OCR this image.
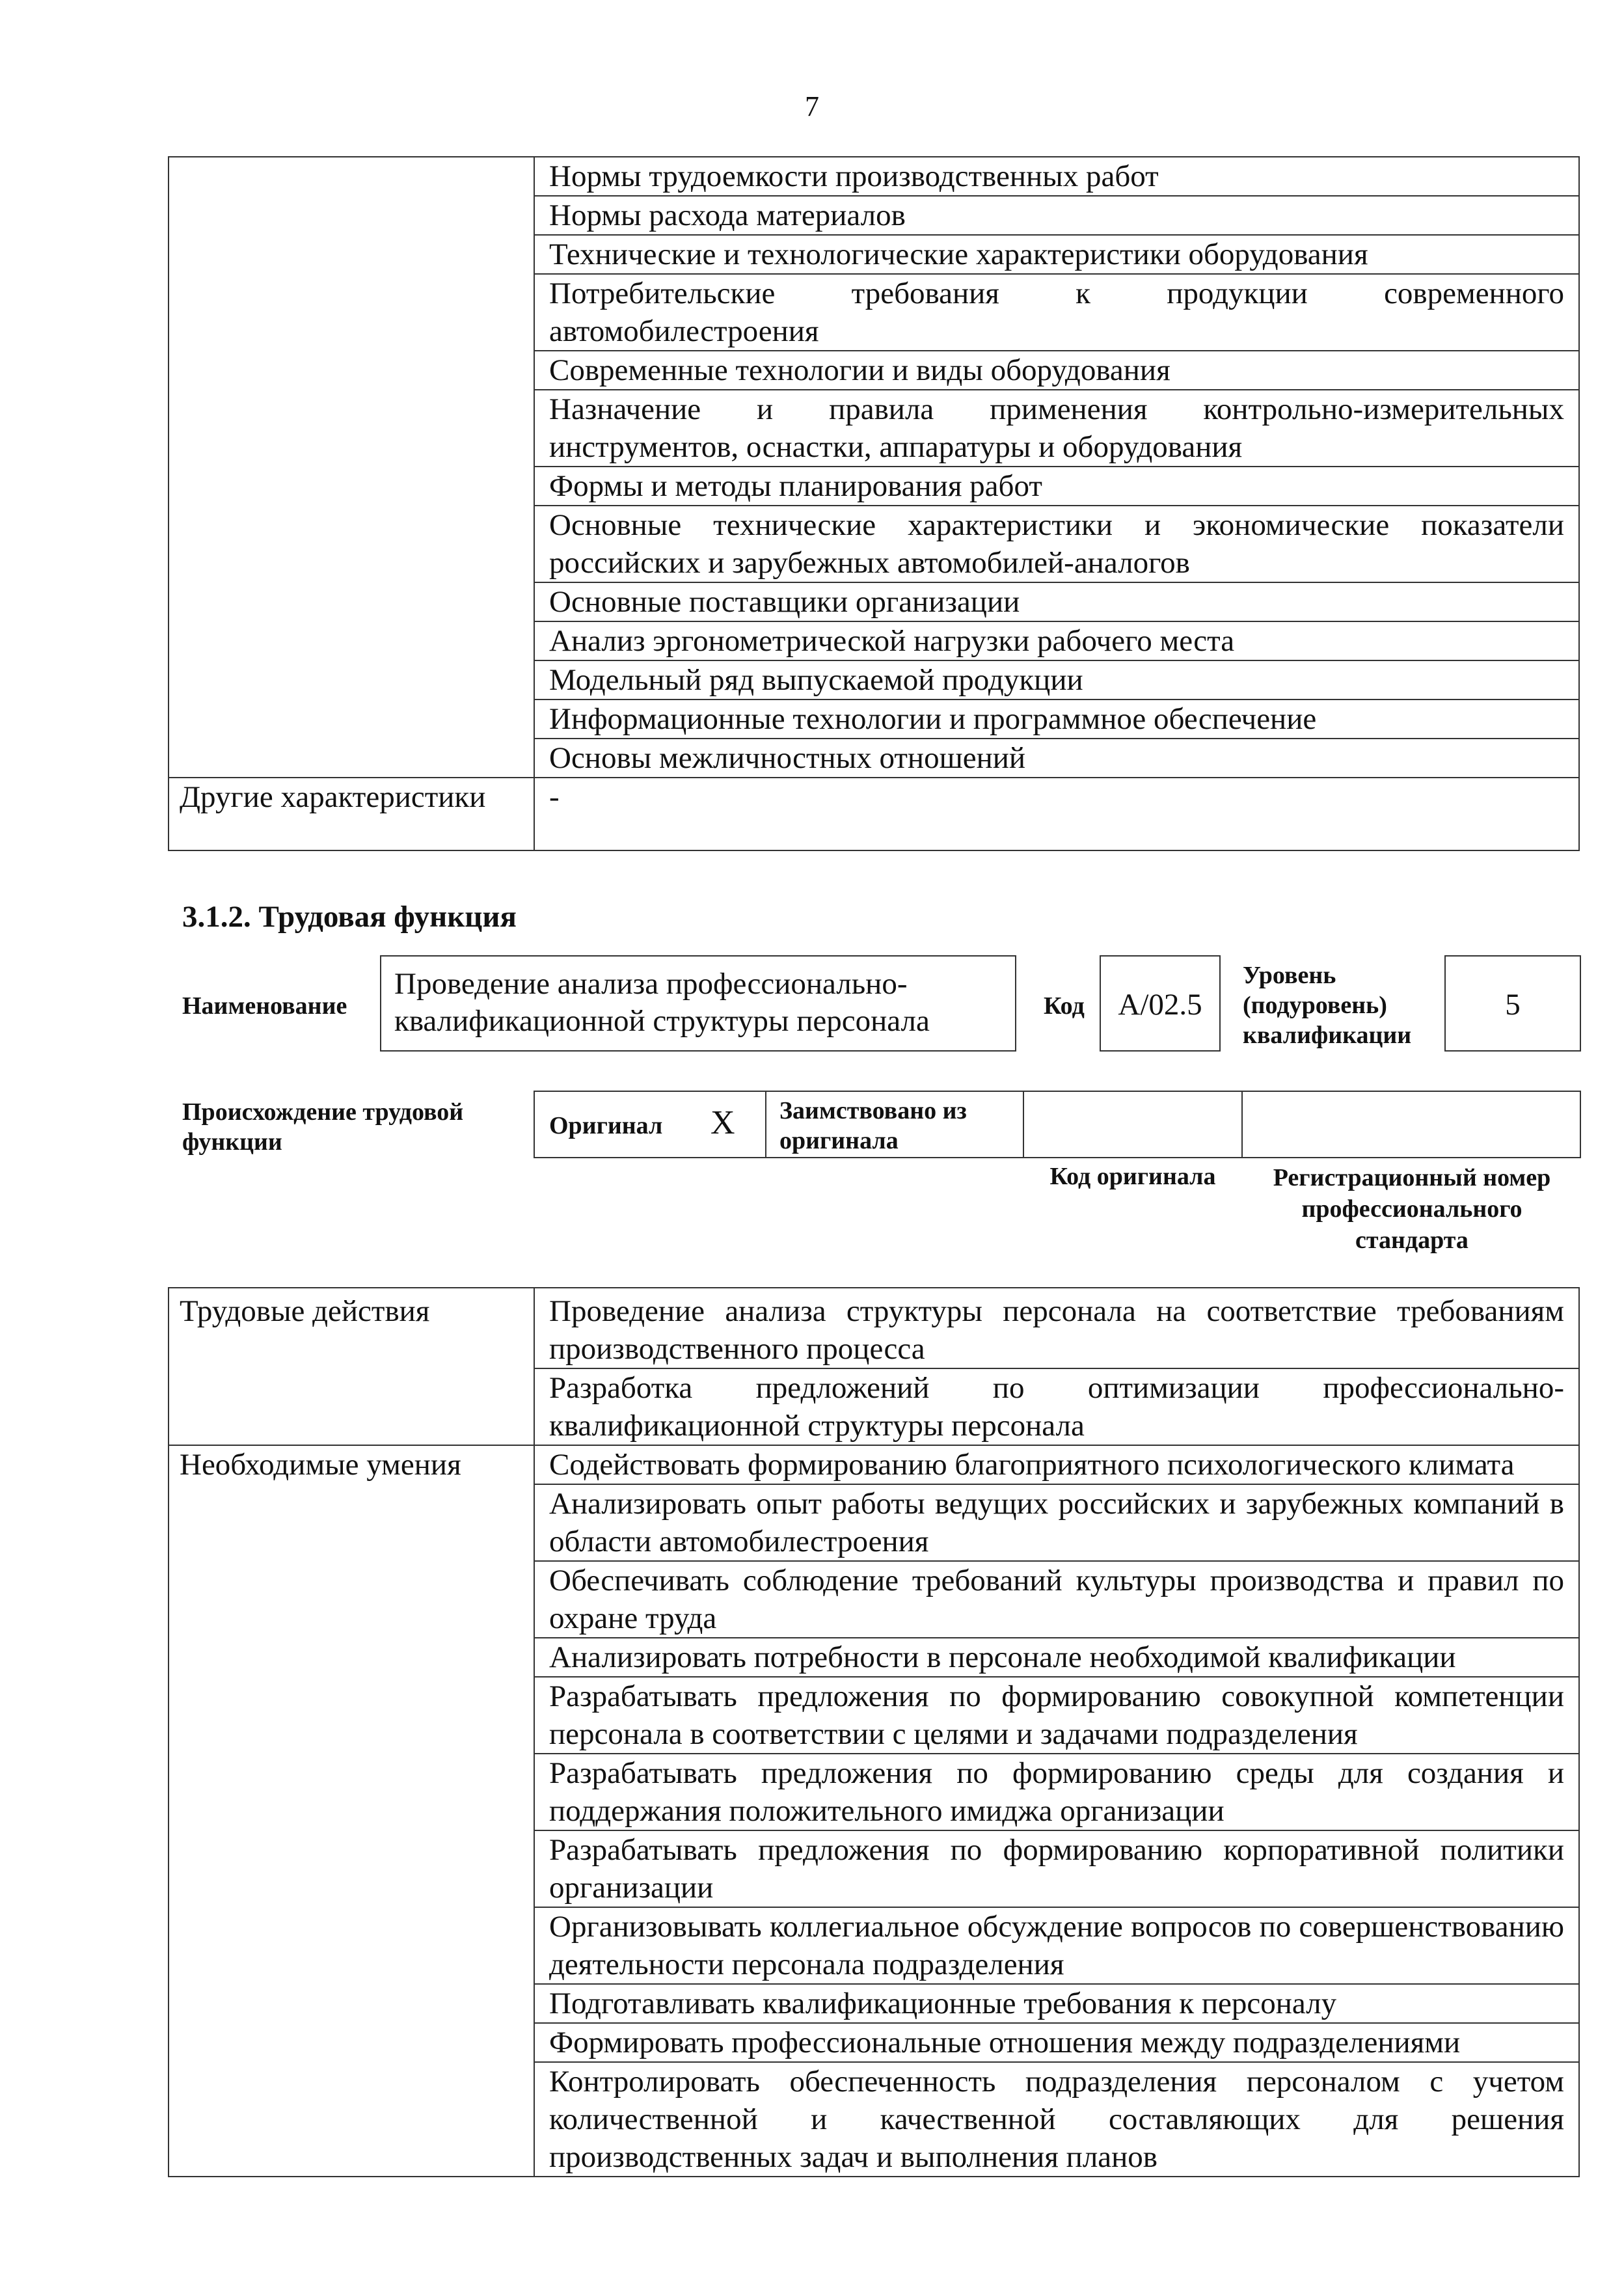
7

	Нормы трудоемкости производственных работ

	Нормы расхода материалов

	Технические и технологические характеристики оборудования

	Потребительские требования к продукции современного автомобилестроения

	Современные технологии и виды оборудования

	Назначение и правила применения контрольно-измерительных инструментов, оснастки, аппаратуры и оборудования

	Формы и методы планирования работ

	Основные технические характеристики и экономические показатели российских и зарубежных автомобилей-аналогов

	Основные поставщики организации

	Анализ эргонометрической нагрузки рабочего места

	Модельный ряд выпускаемой продукции

	Информационные технологии и программное обеспечение

	Основы межличностных отношений

Другие характеристики	-
3.1.2. Трудовая функция
Наименование
Проведение анализа профессионально-квалификационной структуры персонала	Код	A/02.5
Уровень (подуровень) квалификации
5
Происхождение трудовой функции
Оригинал X	Заимствовано из оригинала
Код оригинала	Регистрационный номер профессионального стандарта
Трудовые действия	Проведение анализа структуры персонала на соответствие требованиям производственного процесса

	Разработка предложений по оптимизации профессионально-квалификационной структуры персонала

Необходимые умения	Содействовать формированию благоприятного психологического климата

	Анализировать опыт работы ведущих российских и зарубежных компаний в области автомобилестроения

	Обеспечивать соблюдение требований культуры производства и правил по охране труда

	Анализировать потребности в персонале необходимой квалификации

	Разрабатывать предложения по формированию совокупной компетенции персонала в соответствии с целями и задачами подразделения

	Разрабатывать предложения по формированию среды для создания и поддержания положительного имиджа организации

	Разрабатывать предложения по формированию корпоративной политики организации

	Организовывать коллегиальное обсуждение вопросов по совершенствованию деятельности персонала подразделения

	Подготавливать квалификационные требования к персоналу

	Формировать профессиональные отношения между подразделениями

	Контролировать обеспеченность подразделения персоналом с учетом количественной и качественной составляющих для решения производственных задач и выполнения планов
